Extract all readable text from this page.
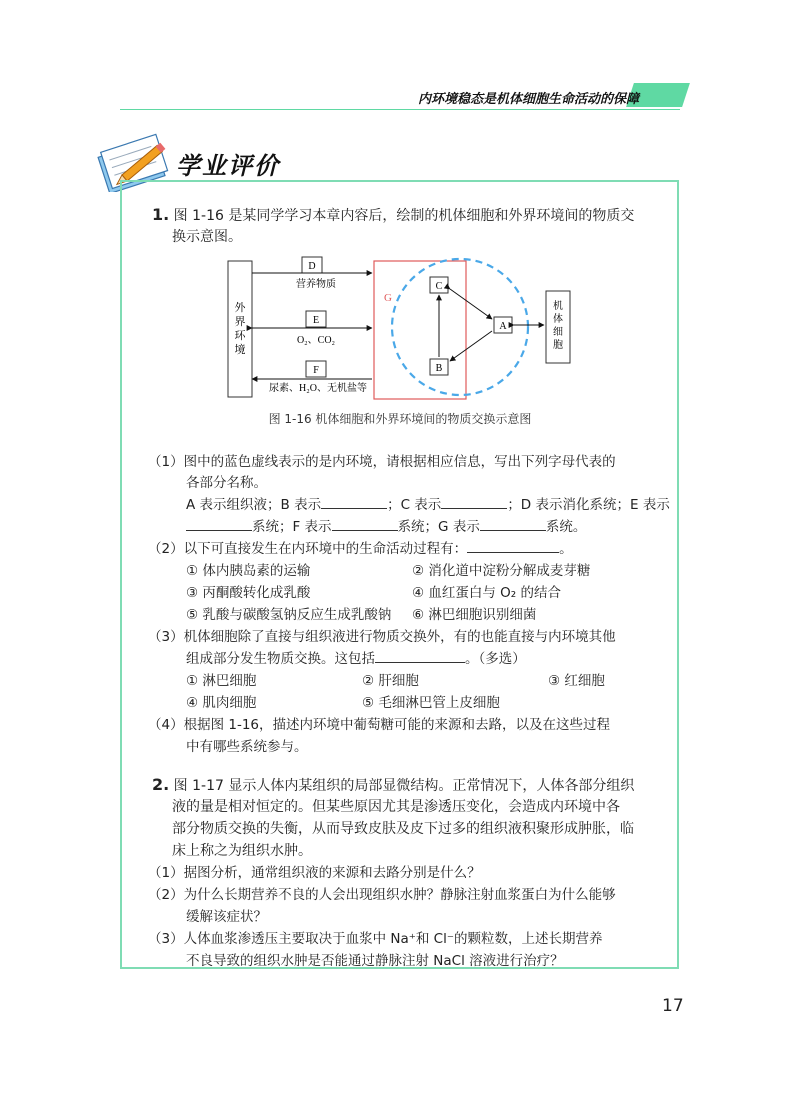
内环境稳态是机体细胞生命活动的保障
学业评价
1. 图 1-16 是某同学学习本章内容后，绘制的机体细胞和外界环境间的物质交
换示意图。
外
界
环
境
G
D
营养物质
E
O₂、CO₂
F
尿素、H₂O、无机盐等
C
B
A
机
体
细
胞
图 1-16 机体细胞和外界环境间的物质交换示意图
（1）图中的蓝色虚线表示的是内环境，请根据相应信息，写出下列字母代表的
各部分名称。
A 表示组织液；B 表示	；C 表示	；D 表示消化系统；E 表示
系统；F 表示	系统；G 表示	系统。
（2）以下可直接发生在内环境中的生命活动过程有：	。
① 体内胰岛素的运输	② 消化道中淀粉分解成麦芽糖
③ 丙酮酸转化成乳酸	④ 血红蛋白与 O₂ 的结合
⑤ 乳酸与碳酸氢钠反应生成乳酸钠 ⑥ 淋巴细胞识别细菌
（3）机体细胞除了直接与组织液进行物质交换外，有的也能直接与内环境其他
组成部分发生物质交换。这包括	。（多选）
① 淋巴细胞	② 肝细胞	③ 红细胞
④ 肌肉细胞	⑤ 毛细淋巴管上皮细胞
（4）根据图 1-16，描述内环境中葡萄糖可能的来源和去路，以及在这些过程
中有哪些系统参与。
2. 图 1-17 显示人体内某组织的局部显微结构。正常情况下，人体各部分组织
液的量是相对恒定的。但某些原因尤其是渗透压变化，会造成内环境中各
部分物质交换的失衡，从而导致皮肤及皮下过多的组织液积聚形成肿胀，临
床上称之为组织水肿。
（1）据图分析，通常组织液的来源和去路分别是什么？
（2）为什么长期营养不良的人会出现组织水肿？静脉注射血浆蛋白为什么能够
缓解该症状？
（3）人体血浆渗透压主要取决于血浆中 Na⁺和 Cl⁻的颗粒数，上述长期营养
不良导致的组织水肿是否能通过静脉注射 NaCl 溶液进行治疗？
17
